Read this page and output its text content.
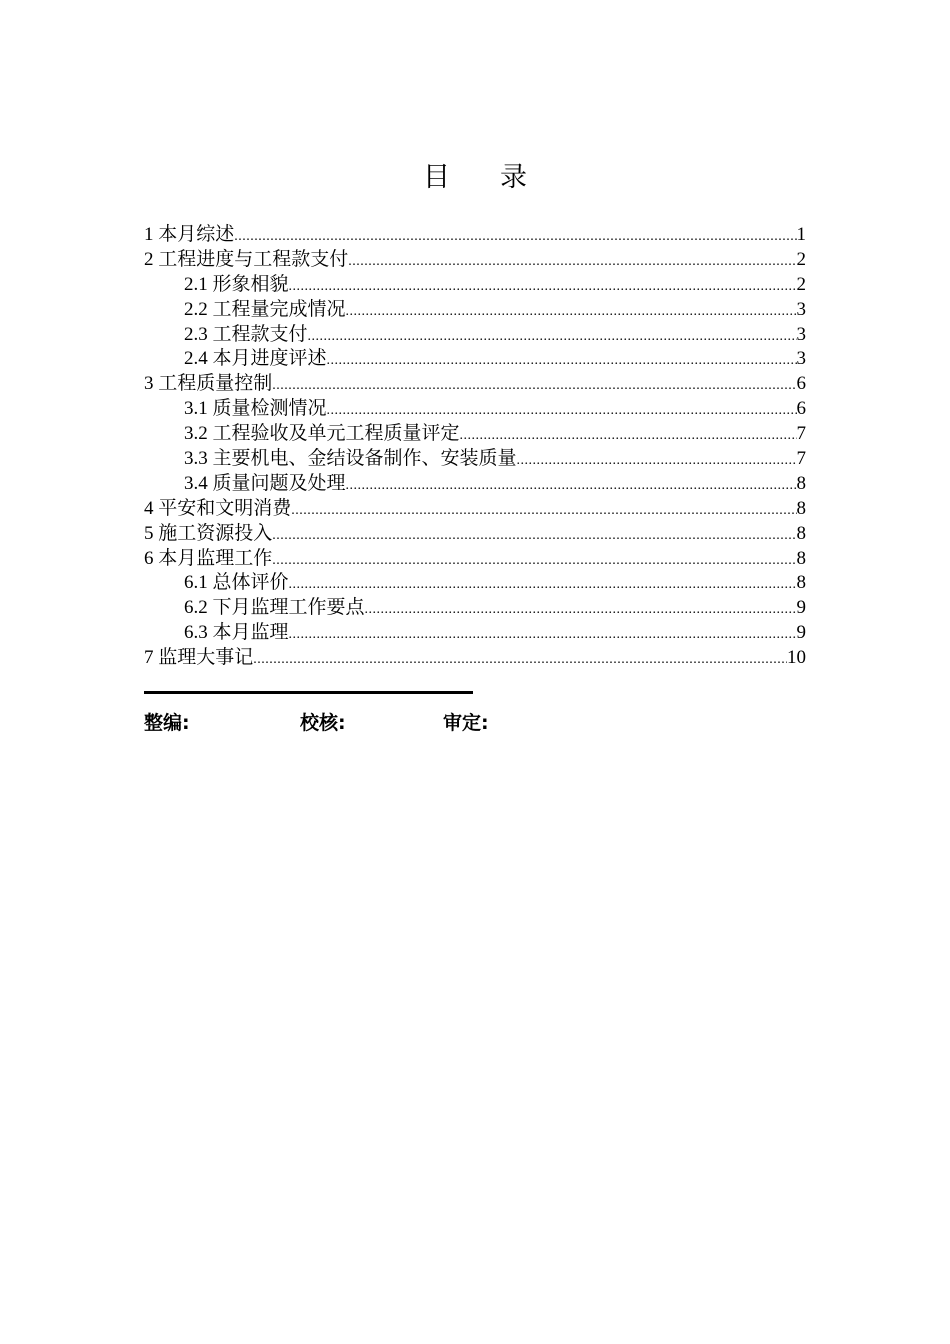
目 录
1 本月综述 .....	1
2 工程进度与工程款支付 .....	2
2.1 形象相貌 .....	2
2.2 工程量完成情况 .....	3
2.3 工程款支付 .....	3
2.4 本月进度评述 .....	3
3 工程质量控制 .....	6
3.1 质量检测情况 .....	6
3.2 工程验收及单元工程质量评定 .....	7
3.3 主要机电、金结设备制作、安装质量 .....	7
3.4 质量问题及处理 .....	8
4 平安和文明消费 .....	8
5 施工资源投入 .....	8
6 本月监理工作 .....	8
6.1 总体评价 .....	8
6.2 下月监理工作要点 .....	9
6.3 本月监理 .....	9
7 监理大事记 .....	10
整编:	校核:	审定:
